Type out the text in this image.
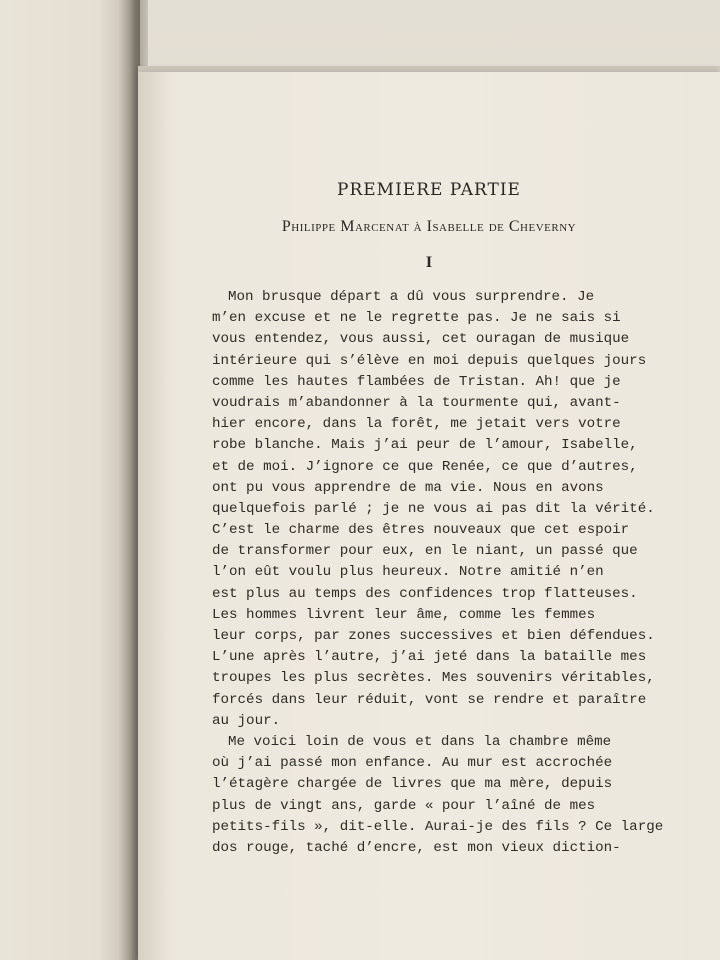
PREMIERE PARTIE
Philippe Marcenat à Isabelle de Cheverny
I
Mon brusque départ a dû vous surprendre. Je
m’en excuse et ne le regrette pas. Je ne sais si
vous entendez, vous aussi, cet ouragan de musique
intérieure qui s’élève en moi depuis quelques jours
comme les hautes flambées de Tristan. Ah! que je
voudrais m’abandonner à la tourmente qui, avant-
hier encore, dans la forêt, me jetait vers votre
robe blanche. Mais j’ai peur de l’amour, Isabelle,
et de moi. J’ignore ce que Renée, ce que d’autres,
ont pu vous apprendre de ma vie. Nous en avons
quelquefois parlé ; je ne vous ai pas dit la vérité.
C’est le charme des êtres nouveaux que cet espoir
de transformer pour eux, en le niant, un passé que
l’on eût voulu plus heureux. Notre amitié n’en
est plus au temps des confidences trop flatteuses.
Les hommes livrent leur âme, comme les femmes
leur corps, par zones successives et bien défendues.
L’une après l’autre, j’ai jeté dans la bataille mes
troupes les plus secrètes. Mes souvenirs véritables,
forcés dans leur réduit, vont se rendre et paraître
au jour.
Me voici loin de vous et dans la chambre même
où j’ai passé mon enfance. Au mur est accrochée
l’étagère chargée de livres que ma mère, depuis
plus de vingt ans, garde « pour l’aîné de mes
petits-fils », dit-elle. Aurai-je des fils ? Ce large
dos rouge, taché d’encre, est mon vieux diction-
